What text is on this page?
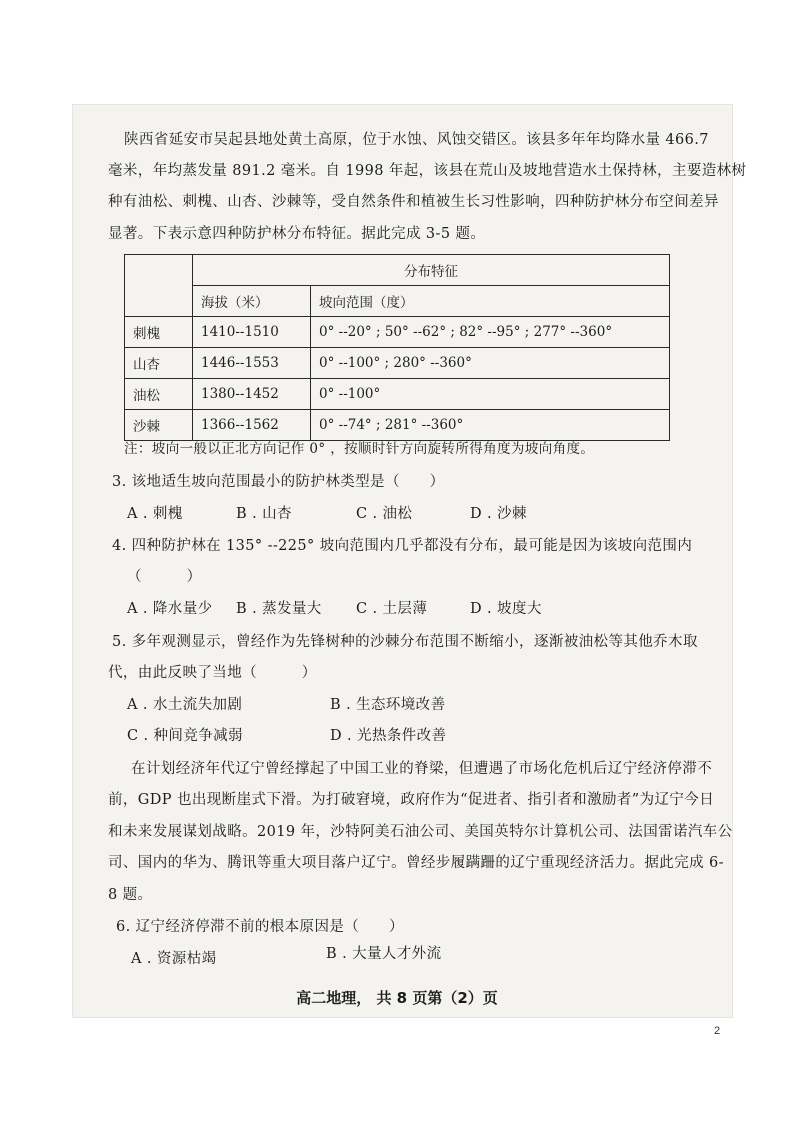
陕西省延安市吴起县地处黄土高原，位于水蚀、风蚀交错区。该县多年年均降水量 466.7
毫米，年均蒸发量 891.2 毫米。自 1998 年起，该县在荒山及坡地营造水土保持林，主要造林树
种有油松、刺槐、山杏、沙棘等，受自然条件和植被生长习性影响，四种防护林分布空间差异
显著。下表示意四种防护林分布特征。据此完成 3-5 题。
	分布特征	
	海拔（米）	坡向范围（度）
刺槐	1410--1510	0° --20° ; 50° --62° ; 82° --95° ; 277° --360°
山杏	1446--1553	0° --100° ; 280° --360°
油松	1380--1452	0° --100°
沙棘	1366--1562	0° --74° ; 281° --360°
注：坡向一般以正北方向记作 0° ，按顺时针方向旋转所得角度为坡向角度。
3. 该地适生坡向范围最小的防护林类型是（　　）
A . 刺槐	B . 山杏	C . 油松	D . 沙棘
4. 四种防护林在 135° --225° 坡向范围内几乎都没有分布，最可能是因为该坡向范围内
（　　　）
A . 降水量少 B . 蒸发量大 C . 土层薄	D . 坡度大
5. 多年观测显示，曾经作为先锋树种的沙棘分布范围不断缩小，逐渐被油松等其他乔木取
代，由此反映了当地（　　　）
A . 水土流失加剧	B . 生态环境改善
C . 种间竞争减弱	D . 光热条件改善
在计划经济年代辽宁曾经撑起了中国工业的脊梁，但遭遇了市场化危机后辽宁经济停滞不
前，GDP 也出现断崖式下滑。为打破窘境，政府作为“促进者、指引者和激励者”为辽宁今日
和未来发展谋划战略。2019 年，沙特阿美石油公司、美国英特尔计算机公司、法国雷诺汽车公
司、国内的华为、腾讯等重大项目落户辽宁。曾经步履蹒跚的辽宁重现经济活力。据此完成 6-
8 题。
6. 辽宁经济停滞不前的根本原因是（　　）
A . 资源枯竭	B . 大量人才外流
高二地理， 共 8 页第（2）页
2
